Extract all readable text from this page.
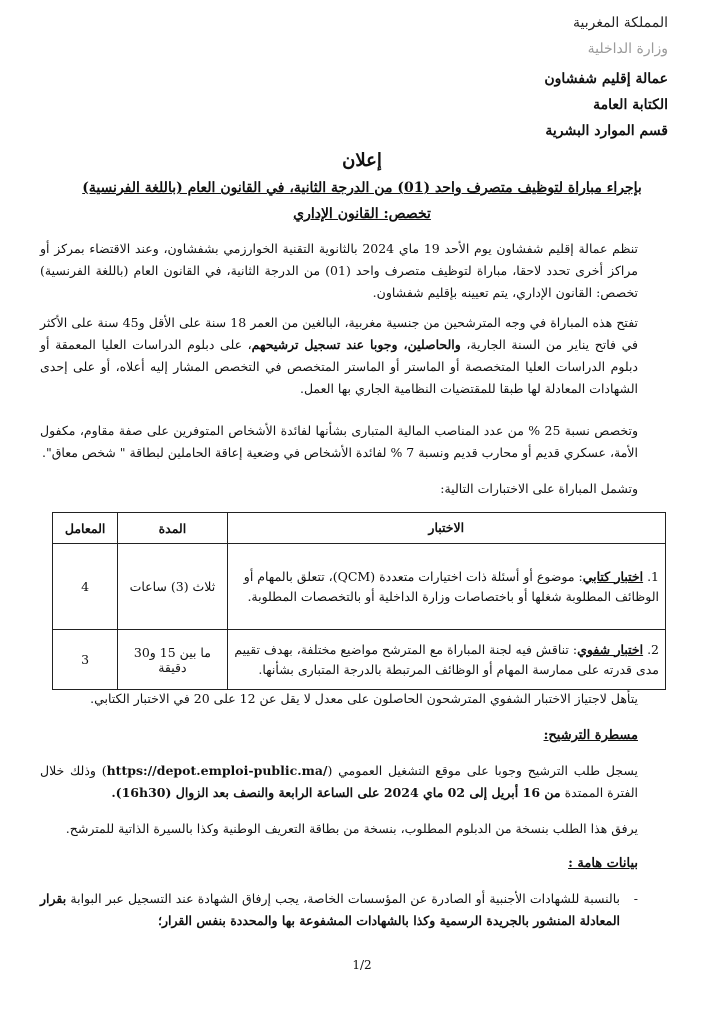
المملكة المغربية
وزارة الداخلية
عمالة إقليم شفشاون
الكتابة العامة
قسم الموارد البشرية
إعلان
بإجراء مباراة لتوظيف متصرف واحد (01) من الدرجة الثانية، في القانون العام (باللغة الفرنسية)
تخصص: القانون الإداري
تنظم عمالة إقليم شفشاون يوم الأحد 19 ماي 2024 بالثانوية التقنية الخوارزمي بشفشاون، وعند الاقتضاء بمركز أو مراكز أخرى تحدد لاحقا، مباراة لتوظيف متصرف واحد (01) من الدرجة الثانية، في القانون العام (باللغة الفرنسية) تخصص: القانون الإداري، يتم تعيينه بإقليم شفشاون.
تفتح هذه المباراة في وجه المترشحين من جنسية مغربية، البالغين من العمر 18 سنة على الأقل و45 سنة على الأكثر في فاتح يناير من السنة الجارية، والحاصلين، وجوبا عند تسجيل ترشيحهم، على دبلوم الدراسات العليا المعمقة أو دبلوم الدراسات العليا المتخصصة أو الماستر أو الماستر المتخصص في التخصص المشار إليه أعلاه، أو على إحدى الشهادات المعادلة لها طبقا للمقتضيات النظامية الجاري بها العمل.
وتخصص نسبة 25 % من عدد المناصب المالية المتبارى بشأنها لفائدة الأشخاص المتوفرين على صفة مقاوم، مكفول الأمة، عسكري قديم أو محارب قديم ونسبة 7 % لفائدة الأشخاص في وضعية إعاقة الحاملين لبطاقة " شخص معاق".
وتشمل المباراة على الاختبارات التالية:
الاختبار	المدة	المعامل
1. اختبار كتابي: موضوع أو أسئلة ذات اختيارات متعددة (QCM)، تتعلق بالمهام أو الوظائف المطلوبة شغلها أو باختصاصات وزارة الداخلية أو بالتخصصات المطلوبة.	ثلاث (3) ساعات	4
2. اختبار شفوي: تناقش فيه لجنة المباراة مع المترشح مواضيع مختلفة، بهدف تقييم مدى قدرته على ممارسة المهام أو الوظائف المرتبطة بالدرجة المتبارى بشأنها.	ما بين 15 و30 دقيقة	3
يتأهل لاجتياز الاختبار الشفوي المترشحون الحاصلون على معدل لا يقل عن 12 على 20 في الاختبار الكتابي.
مسطرة الترشيح:
يسجل طلب الترشيح وجوبا على موقع التشغيل العمومي (https://depot.emploi-public.ma/) وذلك خلال الفترة الممتدة من 16 أبريل إلى 02 ماي 2024 على الساعة الرابعة والنصف بعد الزوال (16h30).
يرفق هذا الطلب بنسخة من الدبلوم المطلوب، بنسخة من بطاقة التعريف الوطنية وكذا بالسيرة الذاتية للمترشح.
بيانات هامة :
-
بالنسبة للشهادات الأجنبية أو الصادرة عن المؤسسات الخاصة، يجب إرفاق الشهادة عند التسجيل عبر البوابة بقرار المعادلة المنشور بالجريدة الرسمية وكذا بالشهادات المشفوعة بها والمحددة بنفس القرار؛
1/2
